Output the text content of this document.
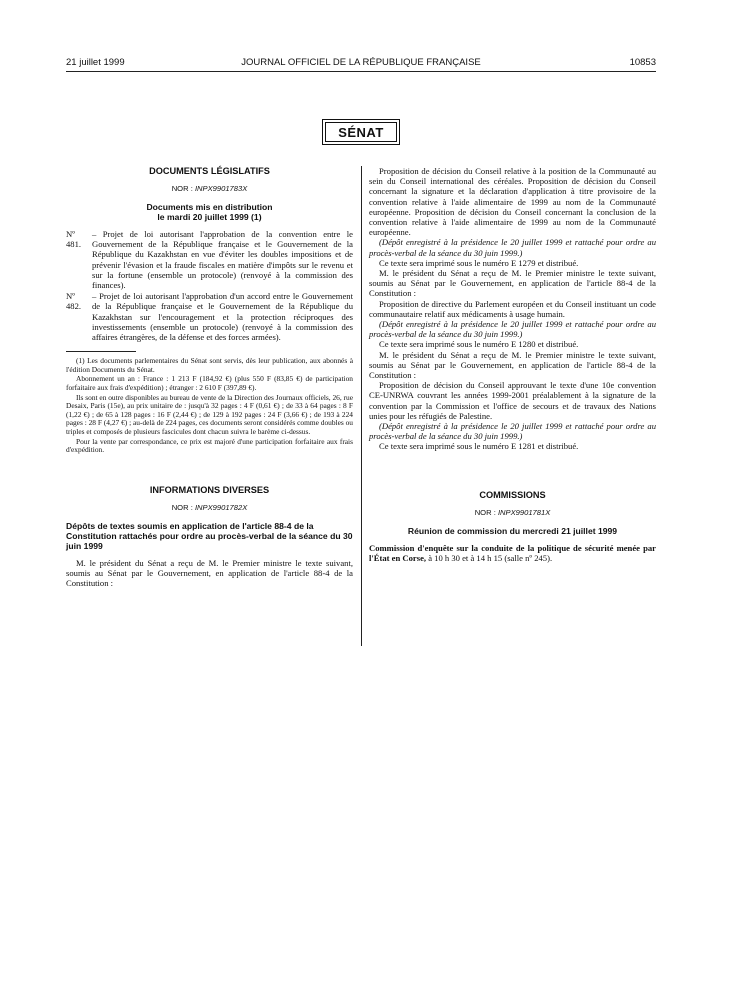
21 juillet 1999	JOURNAL OFFICIEL DE LA RÉPUBLIQUE FRANÇAISE	10853
SÉNAT
DOCUMENTS LÉGISLATIFS
NOR : INPX9901783X
Documents mis en distribution
le mardi 20 juillet 1999 (1)
Nº 481.
– Projet de loi autorisant l'approbation de la convention entre le Gouvernement de la République française et le Gouvernement de la République du Kazakhstan en vue d'éviter les doubles impositions et de prévenir l'évasion et la fraude fiscales en matière d'impôts sur le revenu et sur la fortune (ensemble un protocole) (renvoyé à la commission des finances).
Nº 482.
– Projet de loi autorisant l'approbation d'un accord entre le Gouvernement de la République française et le Gouvernement de la République du Kazakhstan sur l'encouragement et la protection réciproques des investissements (ensemble un protocole) (renvoyé à la commission des affaires étrangères, de la défense et des forces armées).

(1) Les documents parlementaires du Sénat sont servis, dès leur publication, aux abonnés à l'édition Documents du Sénat.

Abonnement un an : France : 1 213 F (184,92 €) (plus 550 F (83,85 €) de participation forfaitaire aux frais d'expédition) ; étranger : 2 610 F (397,89 €).

Ils sont en outre disponibles au bureau de vente de la Direction des Journaux officiels, 26, rue Desaix, Paris (15e), au prix unitaire de : jusqu'à 32 pages : 4 F (0,61 €) ; de 33 à 64 pages : 8 F (1,22 €) ; de 65 à 128 pages : 16 F (2,44 €) ; de 129 à 192 pages : 24 F (3,66 €) ; de 193 à 224 pages : 28 F (4,27 €) ; au-delà de 224 pages, ces documents seront considérés comme doubles ou triples et composés de plusieurs fascicules dont chacun suivra le barème ci-dessus.

Pour la vente par correspondance, ce prix est majoré d'une participation forfaitaire aux frais d'expédition.

INFORMATIONS DIVERSES
NOR : INPX9901782X
Dépôts de textes soumis en application de l'article 88-4 de la Constitution rattachés pour ordre au procès-verbal de la séance du 30 juin 1999

M. le président du Sénat a reçu de M. le Premier ministre le texte suivant, soumis au Sénat par le Gouvernement, en application de l'article 88-4 de la Constitution :

Proposition de décision du Conseil relative à la position de la Communauté au sein du Conseil international des céréales. Proposition de décision du Conseil concernant la signature et la déclaration d'application à titre provisoire de la convention relative à l'aide alimentaire de 1999 au nom de la Communauté européenne. Proposition de décision du Conseil concernant la conclusion de la convention relative à l'aide alimentaire de 1999 au nom de la Communauté européenne.

(Dépôt enregistré à la présidence le 20 juillet 1999 et rattaché pour ordre au procès-verbal de la séance du 30 juin 1999.)

Ce texte sera imprimé sous le numéro E 1279 et distribué.

M. le président du Sénat a reçu de M. le Premier ministre le texte suivant, soumis au Sénat par le Gouvernement, en application de l'article 88-4 de la Constitution :

Proposition de directive du Parlement européen et du Conseil instituant un code communautaire relatif aux médicaments à usage humain.

(Dépôt enregistré à la présidence le 20 juillet 1999 et rattaché pour ordre au procès-verbal de la séance du 30 juin 1999.)

Ce texte sera imprimé sous le numéro E 1280 et distribué.

M. le président du Sénat a reçu de M. le Premier ministre le texte suivant, soumis au Sénat par le Gouvernement, en application de l'article 88-4 de la Constitution :

Proposition de décision du Conseil approuvant le texte d'une 10e convention CE-UNRWA couvrant les années 1999-2001 préalablement à la signature de la convention par la Commission et l'office de secours et de travaux des Nations unies pour les réfugiés de Palestine.

(Dépôt enregistré à la présidence le 20 juillet 1999 et rattaché pour ordre au procès-verbal de la séance du 30 juin 1999.)

Ce texte sera imprimé sous le numéro E 1281 et distribué.

COMMISSIONS
NOR : INPX9901781X
Réunion de commission du mercredi 21 juillet 1999

Commission d'enquête sur la conduite de la politique de sécurité menée par l'État en Corse, à 10 h 30 et à 14 h 15 (salle nº 245).
